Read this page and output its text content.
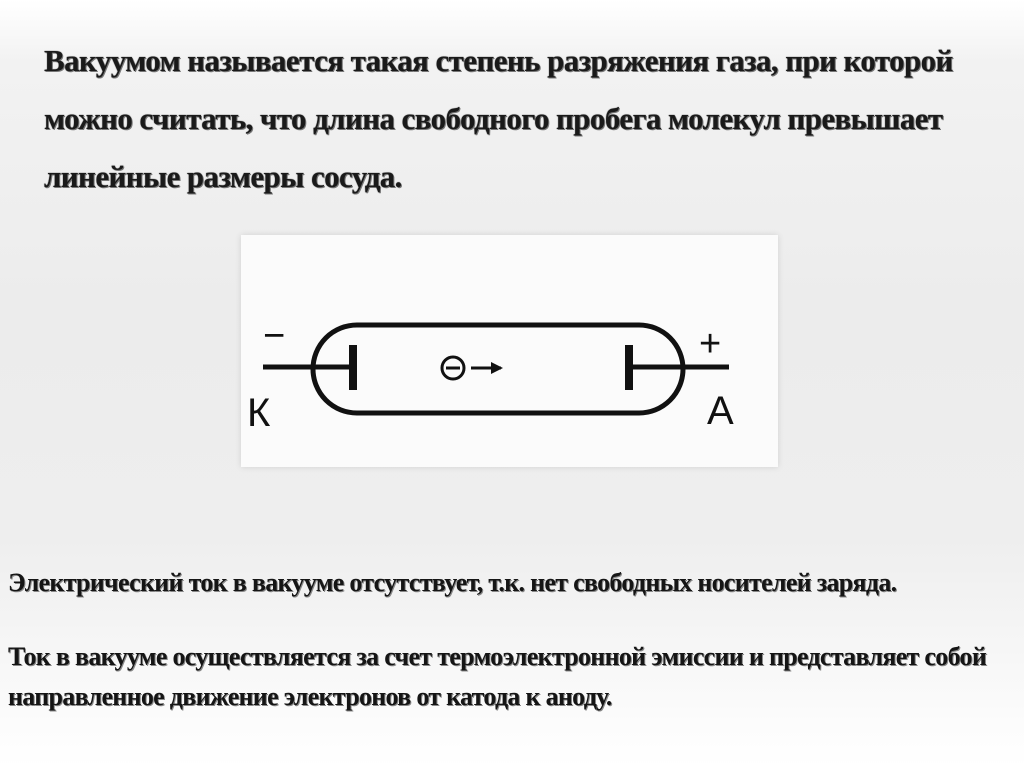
Вакуумом называется такая степень разряжения газа, при которой можно считать, что длина свободного пробега молекул превышает линейные размеры сосуда.
−	+
К	А
Электрический ток в вакууме отсутствует, т.к. нет свободных носителей заряда.
Ток в вакууме осуществляется за счет термоэлектронной эмиссии и представляет собой направленное движение электронов от катода к аноду.
